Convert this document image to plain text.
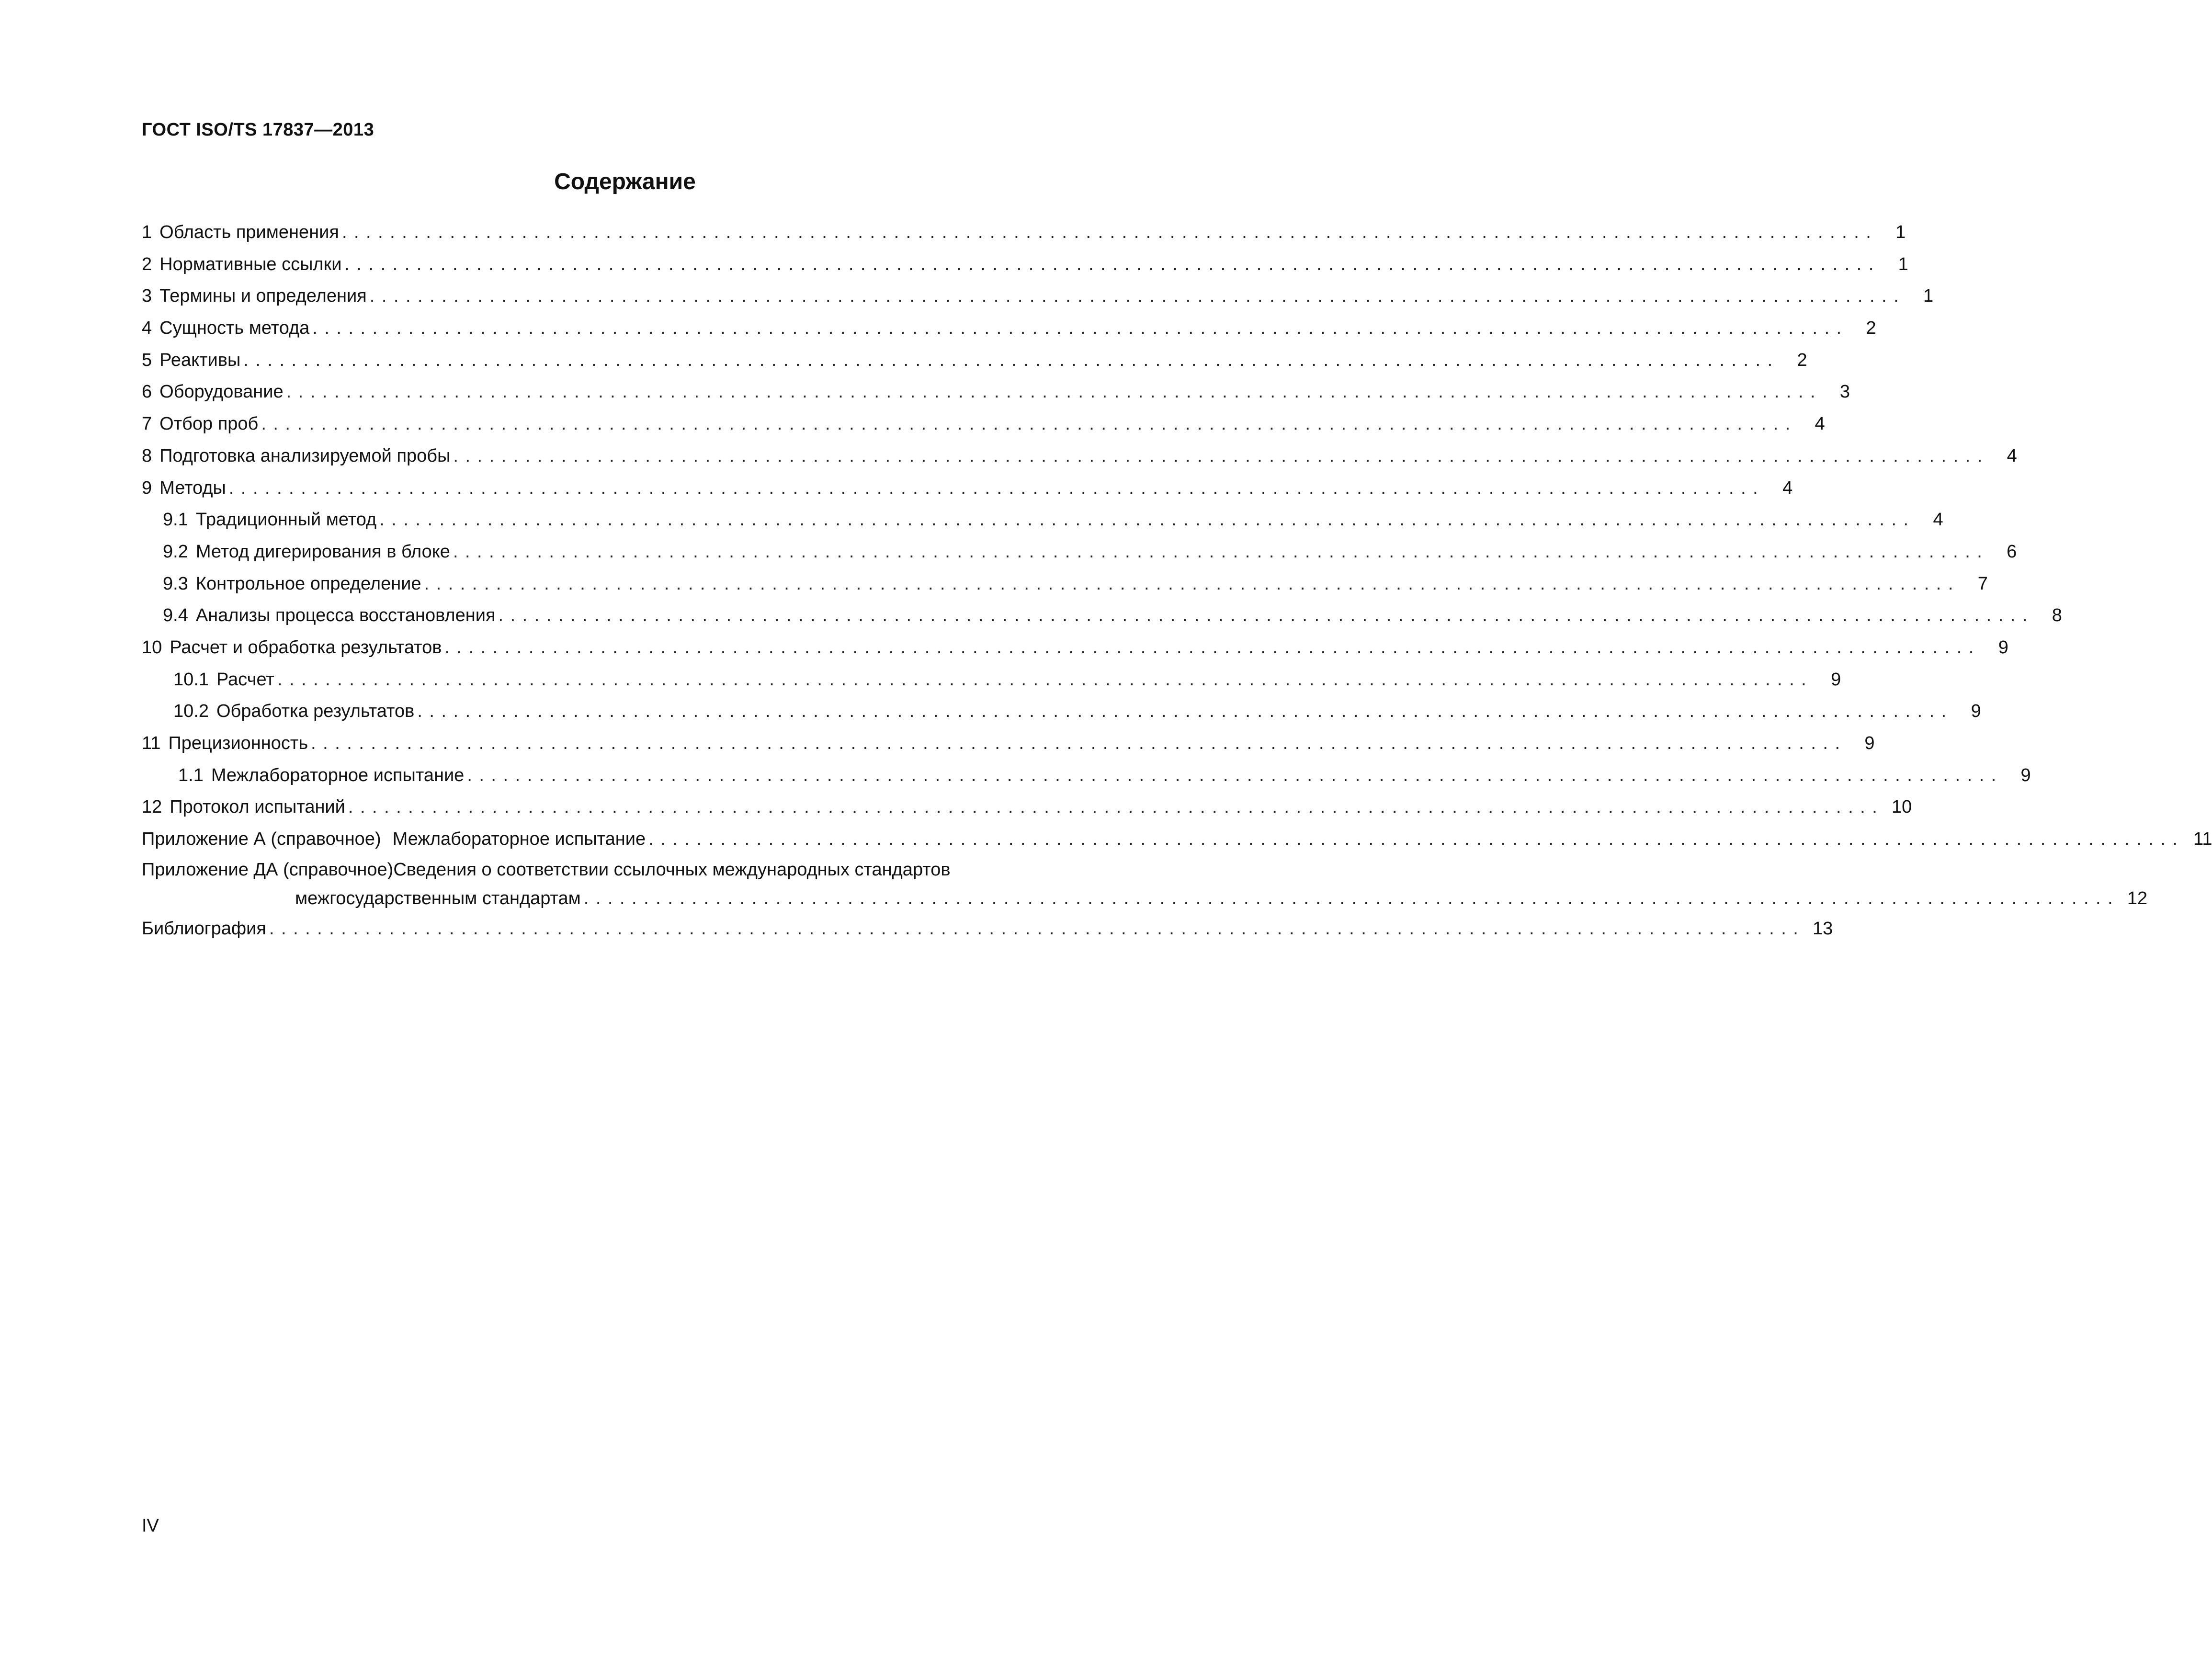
ГОСТ ISO/TS 17837—2013
Содержание
1 Область применения ................................................................................................................................ 1
2 Нормативные ссылки ................................................................................................................................ 1
3 Термины и определения ................................................................................................................................ 1
4 Сущность метода ................................................................................................................................ 2
5 Реактивы ................................................................................................................................ 2
6 Оборудование ................................................................................................................................ 3
7 Отбор проб ................................................................................................................................ 4
8 Подготовка анализируемой пробы ................................................................................................................................ 4
9 Методы ................................................................................................................................ 4
9.1 Традиционный метод ................................................................................................................................ 4
9.2 Метод дигерирования в блоке ................................................................................................................................ 6
9.3 Контрольное определение ................................................................................................................................ 7
9.4 Анализы процесса восстановления ................................................................................................................................ 8
10 Расчет и обработка результатов ................................................................................................................................ 9
10.1 Расчет ................................................................................................................................ 9
10.2 Обработка результатов ................................................................................................................................ 9
11 Прецизионность ................................................................................................................................ 9
1.1 Межлабораторное испытание ................................................................................................................................ 9
12 Протокол испытаний ................................................................................................................................ 10
Приложение А (справочное) Межлабораторное испытание ................................................................................................................................ 11
Приложение ДА (справочное)Сведения о соответствии ссылочных международных стандартов
межгосударственным стандартам ................................................................................................................................ 12
Библиография ................................................................................................................................ 13
IV
